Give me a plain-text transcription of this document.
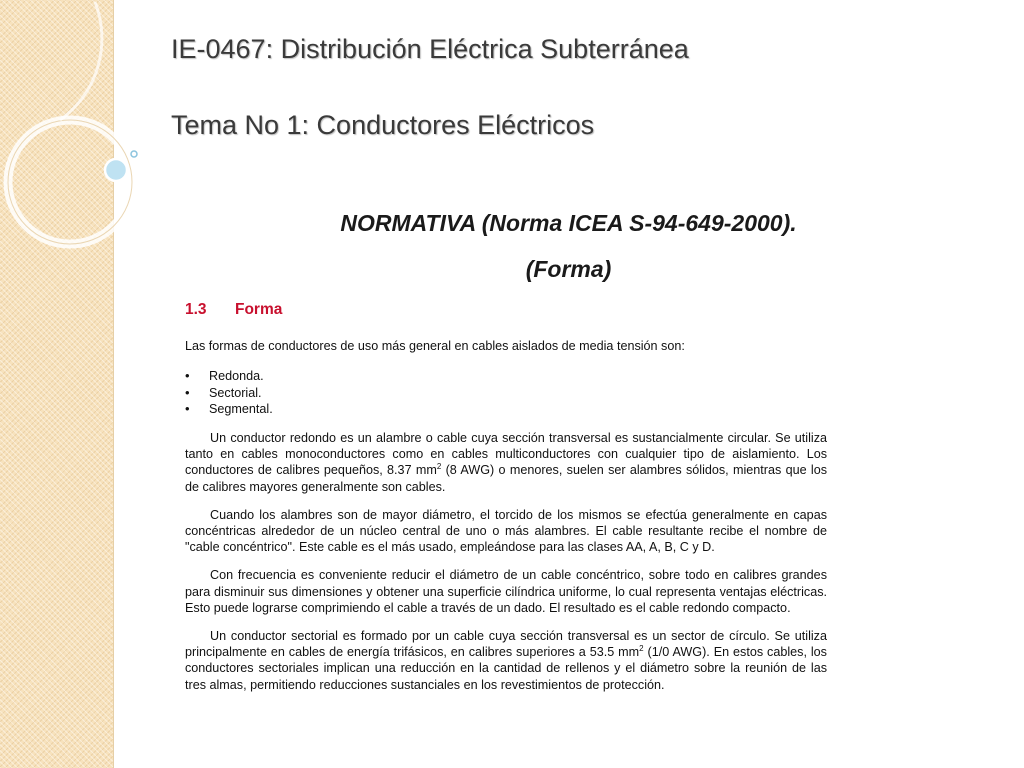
IE-0467: Distribución Eléctrica Subterránea
Tema No 1: Conductores Eléctricos
NORMATIVA (Norma ICEA S-94-649-2000).
(Forma)
1.3 Forma

Las formas de conductores de uso más general en cables aislados de media tensión son:

• Redonda.
• Sectorial.
• Segmental.

Un conductor redondo es un alambre o cable cuya sección transversal es sustancialmente circular. Se utiliza tanto en cables monoconductores como en cables multiconductores con cualquier tipo de aislamiento. Los conductores de calibres pequeños, 8.37 $mm^2$ (8 AWG) o menores, suelen ser alambres sólidos, mientras que los de calibres mayores generalmente son cables.

Cuando los alambres son de mayor diámetro, el torcido de los mismos se efectúa generalmente en capas concéntricas alrededor de un núcleo central de uno o más alambres. El cable resultante recibe el nombre de "cable concéntrico". Este cable es el más usado, empleándose para las clases AA, A, B, C y D.

Con frecuencia es conveniente reducir el diámetro de un cable concéntrico, sobre todo en calibres grandes para disminuir sus dimensiones y obtener una superficie cilíndrica uniforme, lo cual representa ventajas eléctricas. Esto puede lograrse comprimiendo el cable a través de un dado. El resultado es el cable redondo compacto.

Un conductor sectorial es formado por un cable cuya sección transversal es un sector de círculo. Se utiliza principalmente en cables de energía trifásicos, en calibres superiores a 53.5 $mm^2$ (1/0 AWG). En estos cables, los conductores sectoriales implican una reducción en la cantidad de rellenos y el diámetro sobre la reunión de las tres almas, permitiendo reducciones sustanciales en los revestimientos de protección.
